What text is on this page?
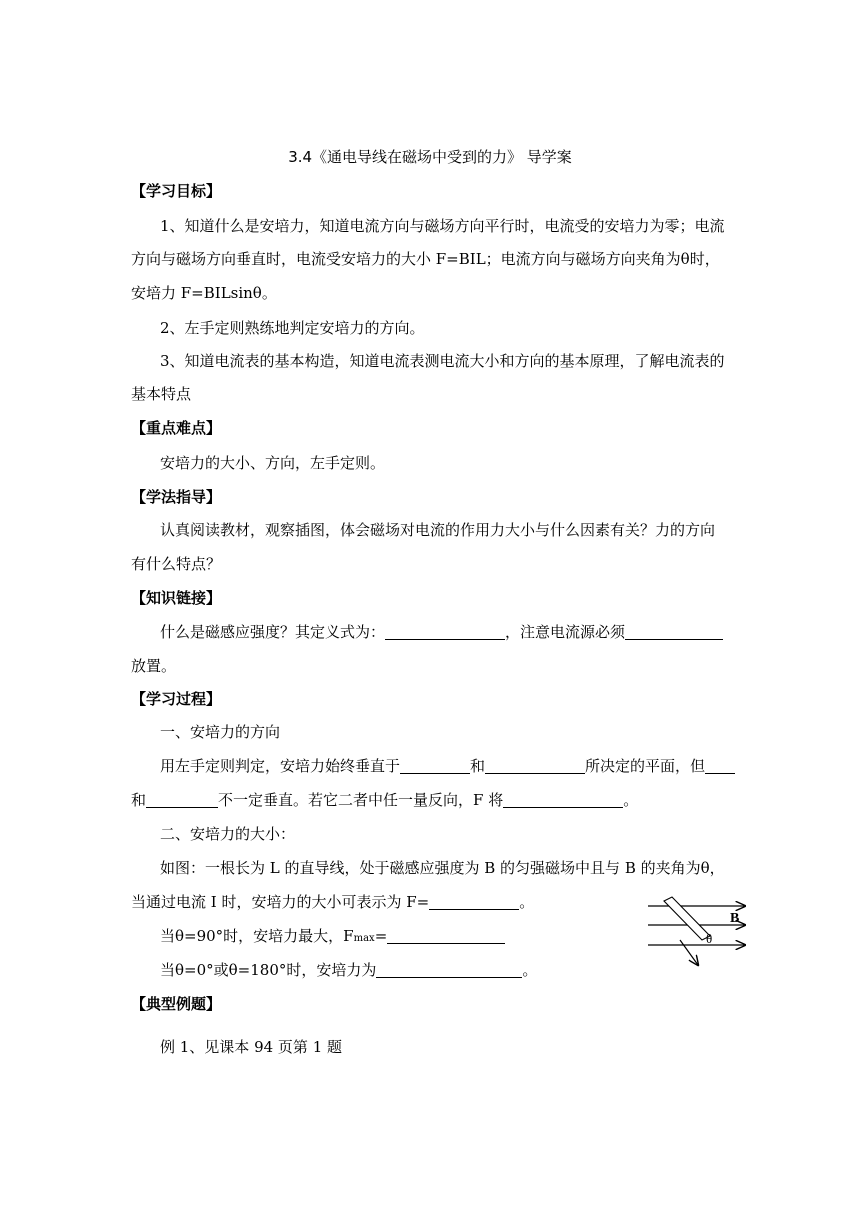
3.4《通电导线在磁场中受到的力》 导学案
【学习目标】
1、知道什么是安培力，知道电流方向与磁场方向平行时，电流受的安培力为零；电流
方向与磁场方向垂直时，电流受安培力的大小 F=BIL；电流方向与磁场方向夹角为θ时，
安培力 F=BILsinθ。
2、左手定则熟练地判定安培力的方向。
3、知道电流表的基本构造，知道电流表测电流大小和方向的基本原理，了解电流表的
基本特点
【重点难点】
安培力的大小、方向，左手定则。
【学法指导】
认真阅读教材，观察插图，体会磁场对电流的作用力大小与什么因素有关？力的方向
有什么特点？
【知识链接】
什么是磁感应强度？其定义式为：	，注意电流源必须
放置。
【学习过程】
一、安培力的方向
用左手定则判定，安培力始终垂直于	和	所决定的平面，但
和	不一定垂直。若它二者中任一量反向，F 将	。
二、安培力的大小：
如图：一根长为 L 的直导线，处于磁感应强度为 B 的匀强磁场中且与 B 的夹角为θ，
当通过电流 I 时，安培力的大小可表示为 F=	。
当θ=90°时，安培力最大，Fmax=
当θ=0°或θ=180°时，安培力为	。
【典型例题】
例 1、见课本 94 页第 1 题
B
θ
